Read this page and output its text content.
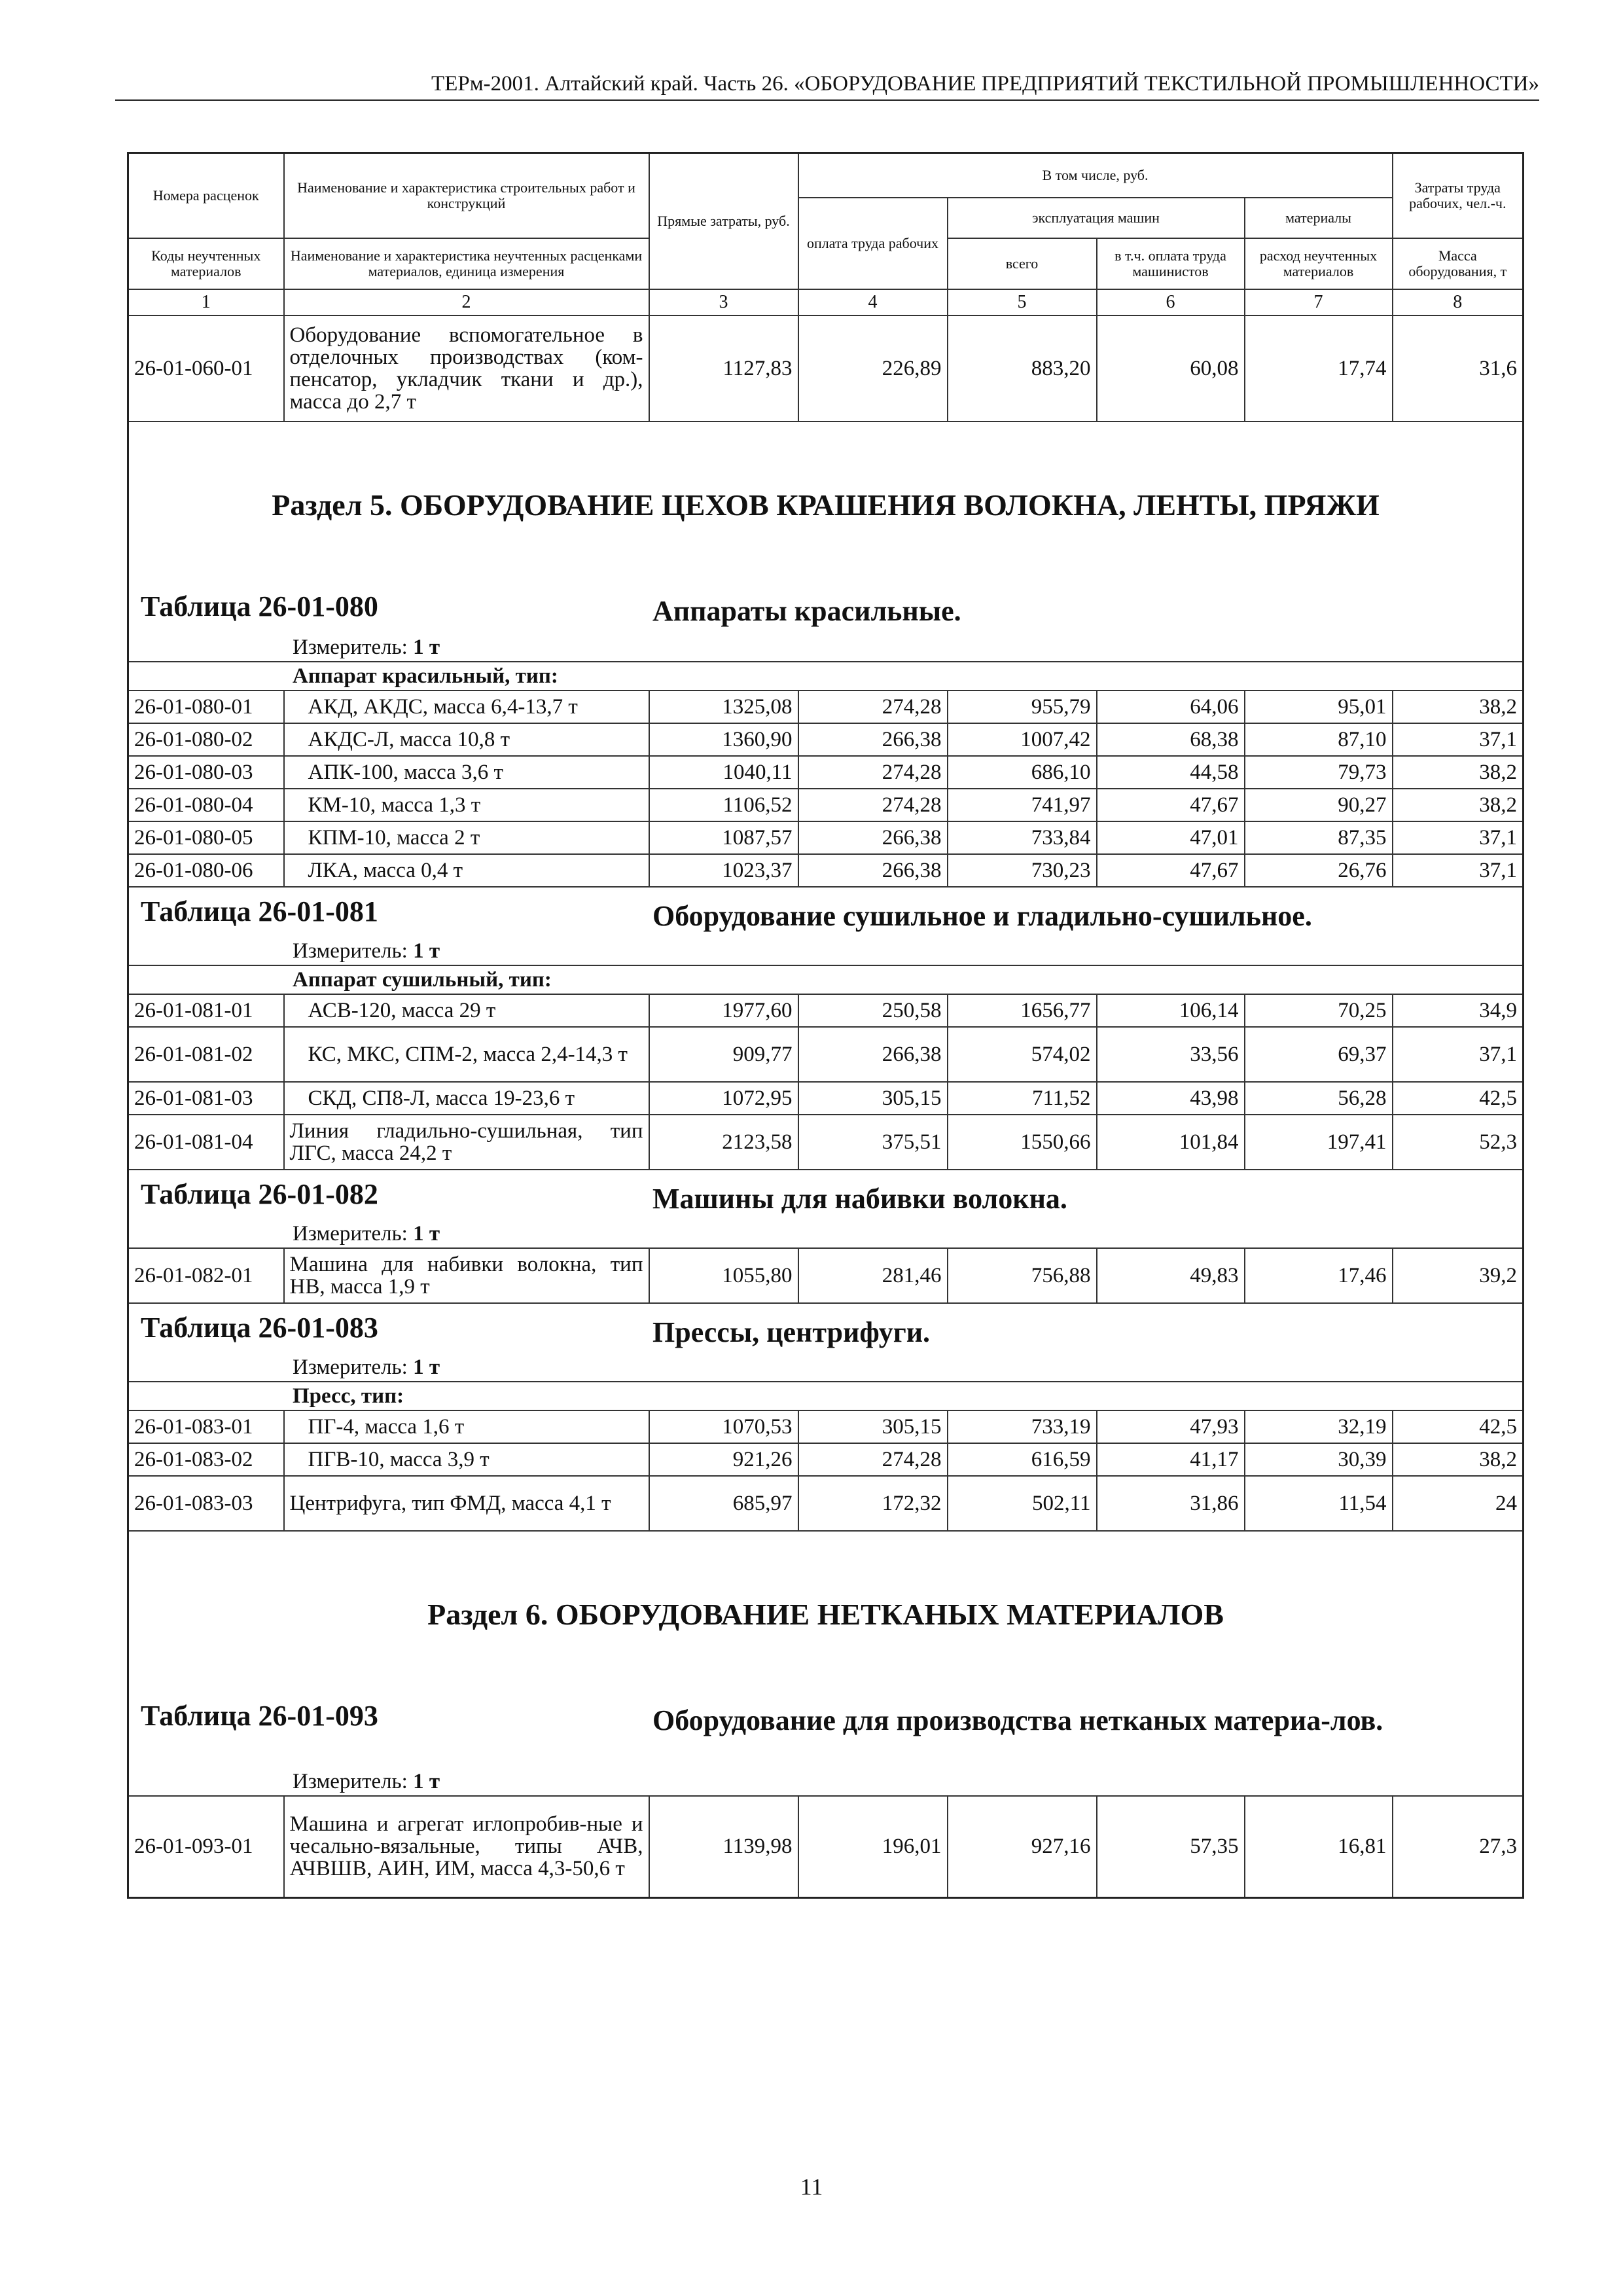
ТЕРм-2001. Алтайский край. Часть 26. «ОБОРУДОВАНИЕ ПРЕДПРИЯТИЙ ТЕКСТИЛЬНОЙ ПРОМЫШЛЕННОСТИ»
Номера расценок	Наименование и характеристика строительных работ и конструкций	Прямые затраты, руб.	В том числе, руб.				Затраты труда рабочих, чел.-ч.
			оплата труда рабочих	эксплуатация машин		материалы	
Коды неучтенных материалов	Наименование и характеристика неучтенных расценками материалов, единица измерения			всего	в т.ч. оплата труда машинистов	расход неучтенных материалов	Масса оборудования, т
1	2	3	4	5	6	7	8
26-01-060-01	Оборудование вспомогательное в отделочных производствах (ком-пенсатор, укладчик ткани и др.), масса до 2,7 т	1127,83	226,89	883,20	60,08	17,74	31,6
Раздел 5. ОБОРУДОВАНИЕ ЦЕХОВ КРАШЕНИЯ ВОЛОКНА, ЛЕНТЫ, ПРЯЖИ							

Таблица 26-01-080 Аппараты красильные.							

Измеритель: 1 т							
Аппарат красильный, тип:							
26-01-080-01	АКД, АКДС, масса 6,4-13,7 т	1325,08	274,28	955,79	64,06	95,01	38,2
26-01-080-02	АКДС-Л, масса 10,8 т	1360,90	266,38	1007,42	68,38	87,10	37,1
26-01-080-03	АПК-100, масса 3,6 т	1040,11	274,28	686,10	44,58	79,73	38,2
26-01-080-04	КМ-10, масса 1,3 т	1106,52	274,28	741,97	47,67	90,27	38,2
26-01-080-05	КПМ-10, масса 2 т	1087,57	266,38	733,84	47,01	87,35	37,1
26-01-080-06	ЛКА, масса 0,4 т	1023,37	266,38	730,23	47,67	26,76	37,1

Таблица 26-01-081 Оборудование сушильное и гладильно-сушильное.							

Измеритель: 1 т							
Аппарат сушильный, тип:							
26-01-081-01	АСВ-120, масса 29 т	1977,60	250,58	1656,77	106,14	70,25	34,9
26-01-081-02	КС, МКС, СПМ-2, масса 2,4-14,3 т	909,77	266,38	574,02	33,56	69,37	37,1
26-01-081-03	СКД, СП8-Л, масса 19-23,6 т	1072,95	305,15	711,52	43,98	56,28	42,5
26-01-081-04	Линия гладильно-сушильная, тип ЛГС, масса 24,2 т	2123,58	375,51	1550,66	101,84	197,41	52,3

Таблица 26-01-082 Машины для набивки волокна.							

Измеритель: 1 т							
26-01-082-01	Машина для набивки волокна, тип НВ, масса 1,9 т	1055,80	281,46	756,88	49,83	17,46	39,2

Таблица 26-01-083 Прессы, центрифуги.							

Измеритель: 1 т							
Пресс, тип:							
26-01-083-01	ПГ-4, масса 1,6 т	1070,53	305,15	733,19	47,93	32,19	42,5
26-01-083-02	ПГВ-10, масса 3,9 т	921,26	274,28	616,59	41,17	30,39	38,2
26-01-083-03	Центрифуга, тип ФМД, масса 4,1 т	685,97	172,32	502,11	31,86	11,54	24
Раздел 6. ОБОРУДОВАНИЕ НЕТКАНЫХ МАТЕРИАЛОВ							

Таблица 26-01-093 Оборудование для производства нетканых материа-лов.							

Измеритель: 1 т							
26-01-093-01	Машина и агрегат иглопробив-ные и чесально-вязальные, типы АЧВ, АЧВШВ, АИН, ИМ, масса 4,3-50,6 т	1139,98	196,01	927,16	57,35	16,81	27,3
11
